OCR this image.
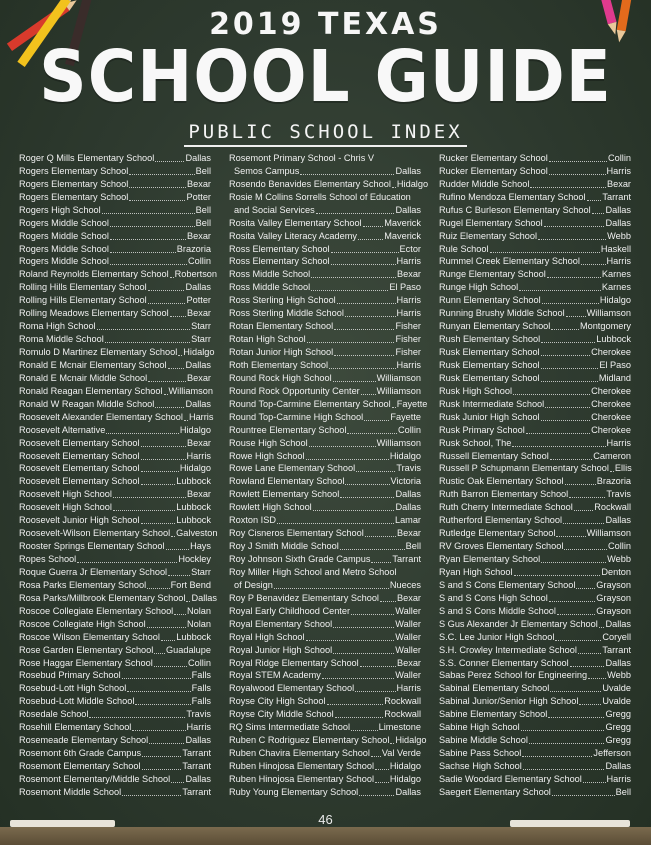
2019 TEXAS
SCHOOL GUIDE
PUBLIC SCHOOL INDEX
Roger Q Mills Elementary School	Dallas
Rogers Elementary School	Bell
Rogers Elementary School	Bexar
Rogers Elementary School	Potter
Rogers High School	Bell
Rogers Middle School	Bell
Rogers Middle School	Bexar
Rogers Middle School	Brazoria
Rogers Middle School	Collin
Roland Reynolds Elementary School Robertson
Rolling Hills Elementary School	Dallas
Rolling Hills Elementary School	Potter
Rolling Meadows Elementary School Bexar
Roma High School	Starr
Roma Middle School	Starr
Romulo D Martinez Elementary School Hidalgo
Ronald E Mcnair Elementary School Dallas
Ronald E Mcnair Middle School	Bexar
Ronald Reagan Elementary School Williamson
Ronald W Reagan Middle School	Dallas
Roosevelt Alexander Elementary School Harris
Roosevelt Alternative	Hidalgo
Roosevelt Elementary School	Bexar
Roosevelt Elementary School	Harris
Roosevelt Elementary School	Hidalgo
Roosevelt Elementary School	Lubbock
Roosevelt High School	Bexar
Roosevelt High School	Lubbock
Roosevelt Junior High School	Lubbock
Roosevelt-Wilson Elementary School Galveston
Rooster Springs Elementary School	Hays
Ropes School	Hockley
Roque Guerra Jr Elementary School	Starr
Rosa Parks Elementary School	Fort Bend
Rosa Parks/Millbrook Elementary School Dallas
Roscoe Collegiate Elementary School Nolan
Roscoe Collegiate High School	Nolan
Roscoe Wilson Elementary School Lubbock
Rose Garden Elementary School Guadalupe
Rose Haggar Elementary School	Collin
Rosebud Primary School	Falls
Rosebud-Lott High School	Falls
Rosebud-Lott Middle School	Falls
Rosedale School	Travis
Rosehill Elementary School	Harris
Rosemeade Elementary School	Dallas
Rosemont 6th Grade Campus	Tarrant
Rosemont Elementary School	Tarrant
Rosemont Elementary/Middle School Dallas
Rosemont Middle School	Tarrant
Rosemont Primary School - Chris V
Semos Campus	Dallas
Rosendo Benavides Elementary School Hidalgo
Rosie M Collins Sorrells School of Education
and Social Services	Dallas
Rosita Valley Elementary School Maverick
Rosita Valley Literacy Academy	Maverick
Ross Elementary School	Ector
Ross Elementary School	Harris
Ross Middle School	Bexar
Ross Middle School	El Paso
Ross Sterling High School	Harris
Ross Sterling Middle School	Harris
Rotan Elementary School	Fisher
Rotan High School	Fisher
Rotan Junior High School	Fisher
Roth Elementary School	Harris
Round Rock High School	Williamson
Round Rock Opportunity Center Williamson
Round Top-Carmine Elementary School Fayette
Round Top-Carmine High School	Fayette
Rountree Elementary School	Collin
Rouse High School	Williamson
Rowe High School	Hidalgo
Rowe Lane Elementary School	Travis
Rowland Elementary School	Victoria
Rowlett Elementary School	Dallas
Rowlett High School	Dallas
Roxton ISD	Lamar
Roy Cisneros Elementary School	Bexar
Roy J Smith Middle School	Bell
Roy Johnson Sixth Grade Campus Tarrant
Roy Miller High School and Metro School
of Design	Nueces
Roy P Benavidez Elementary School Bexar
Royal Early Childhood Center	Waller
Royal Elementary School	Waller
Royal High School	Waller
Royal Junior High School	Waller
Royal Ridge Elementary School	Bexar
Royal STEM Academy	Waller
Royalwood Elementary School	Harris
Royse City High School	Rockwall
Royse City Middle School	Rockwall
RQ Sims Intermediate School	Limestone
Ruben C Rodriguez Elementary School Hidalgo
Ruben Chavira Elementary School Val Verde
Ruben Hinojosa Elementary School Hidalgo
Ruben Hinojosa Elementary School Hidalgo
Ruby Young Elementary School	Dallas
Rucker Elementary School	Collin
Rucker Elementary School	Harris
Rudder Middle School	Bexar
Rufino Mendoza Elementary School Tarrant
Rufus C Burleson Elementary School Dallas
Rugel Elementary School	Dallas
Ruiz Elementary School	Webb
Rule School	Haskell
Rummel Creek Elementary School	Harris
Runge Elementary School	Karnes
Runge High School	Karnes
Runn Elementary School	Hidalgo
Running Brushy Middle School Williamson
Runyan Elementary School	Montgomery
Rush Elementary School	Lubbock
Rusk Elementary School	Cherokee
Rusk Elementary School	El Paso
Rusk Elementary School	Midland
Rusk High School	Cherokee
Rusk Intermediate School	Cherokee
Rusk Junior High School	Cherokee
Rusk Primary School	Cherokee
Rusk School, The	Harris
Russell Elementary School	Cameron
Russell P Schupmann Elementary School Ellis
Rustic Oak Elementary School	Brazoria
Ruth Barron Elementary School	Travis
Ruth Cherry Intermediate School Rockwall
Rutherford Elementary School	Dallas
Rutledge Elementary School	Williamson
RV Groves Elementary School	Collin
Ryan Elementary School	Webb
Ryan High School	Denton
S and S Cons Elementary School Grayson
S and S Cons High School	Grayson
S and S Cons Middle School	Grayson
S Gus Alexander Jr Elementary School Dallas
S.C. Lee Junior High School	Coryell
S.H. Crowley Intermediate School	Tarrant
S.S. Conner Elementary School	Dallas
Sabas Perez School for Engineering Webb
Sabinal Elementary School	Uvalde
Sabinal Junior/Senior High School	Uvalde
Sabine Elementary School	Gregg
Sabine High School	Gregg
Sabine Middle School	Gregg
Sabine Pass School	Jefferson
Sachse High School	Dallas
Sadie Woodard Elementary School	Harris
Saegert Elementary School	Bell
46
